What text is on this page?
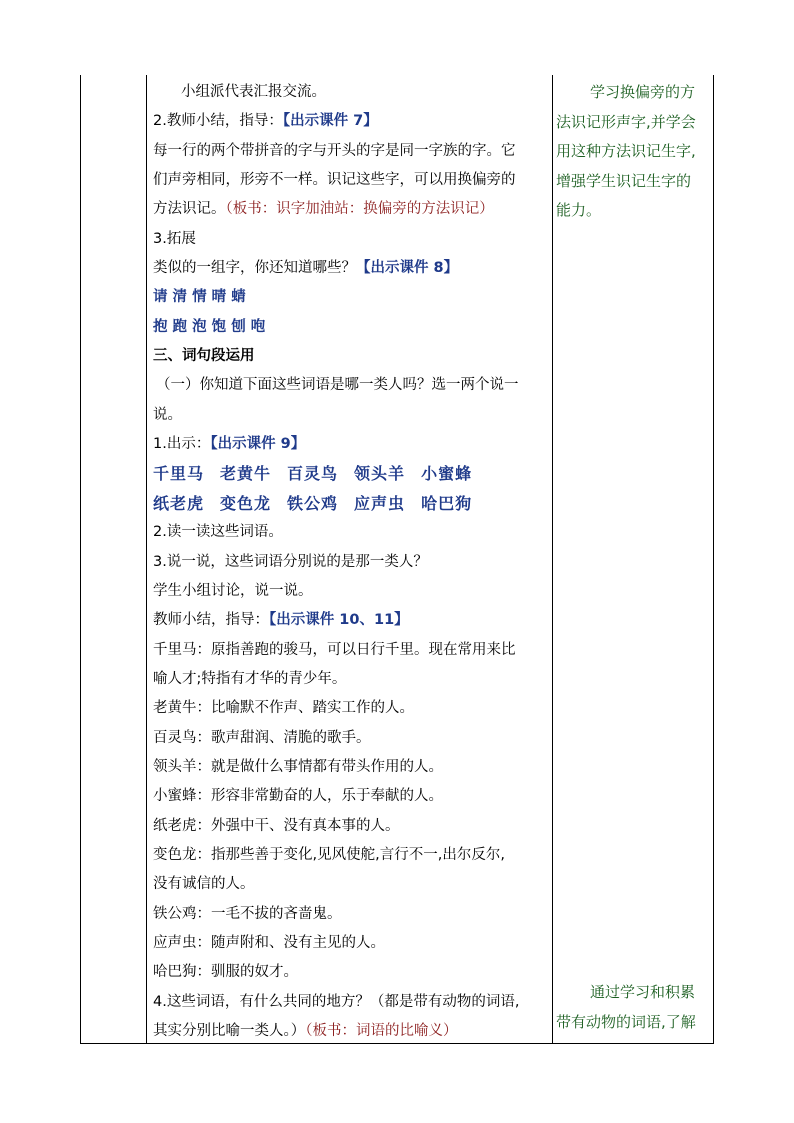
小组派代表汇报交流。
2.教师小结，指导：【出示课件 7】
每一行的两个带拼音的字与开头的字是同一字族的字。它
们声旁相同，形旁不一样。识记这些字，可以用换偏旁的
方法识记。（板书：识字加油站：换偏旁的方法识记）
3.拓展
类似的一组字，你还知道哪些？【出示课件 8】
请 清 情 晴 蜻
抱 跑 泡 饱 刨 咆
三、词句段运用
（一）你知道下面这些词语是哪一类人吗？选一两个说一
说。
1.出示：【出示课件 9】
千里马 老黄牛 百灵鸟 领头羊 小蜜蜂
纸老虎 变色龙 铁公鸡 应声虫 哈巴狗
2.读一读这些词语。
3.说一说，这些词语分别说的是那一类人？
学生小组讨论，说一说。
教师小结，指导：【出示课件 10、11】
千里马：原指善跑的骏马，可以日行千里。现在常用来比
喻人才;特指有才华的青少年。
老黄牛：比喻默不作声、踏实工作的人。
百灵鸟：歌声甜润、清脆的歌手。
领头羊：就是做什么事情都有带头作用的人。
小蜜蜂：形容非常勤奋的人，乐于奉献的人。
纸老虎：外强中干、没有真本事的人。
变色龙：指那些善于变化,见风使舵,言行不一,出尔反尔,
没有诚信的人。
铁公鸡：一毛不拔的吝啬鬼。
应声虫：随声附和、没有主见的人。
哈巴狗：驯服的奴才。
4.这些词语，有什么共同的地方？（都是带有动物的词语,
其实分别比喻一类人。）（板书：词语的比喻义）
学习换偏旁的方
法识记形声字,并学会
用这种方法识记生字,
增强学生识记生字的
能力。
通过学习和积累
带有动物的词语,了解
